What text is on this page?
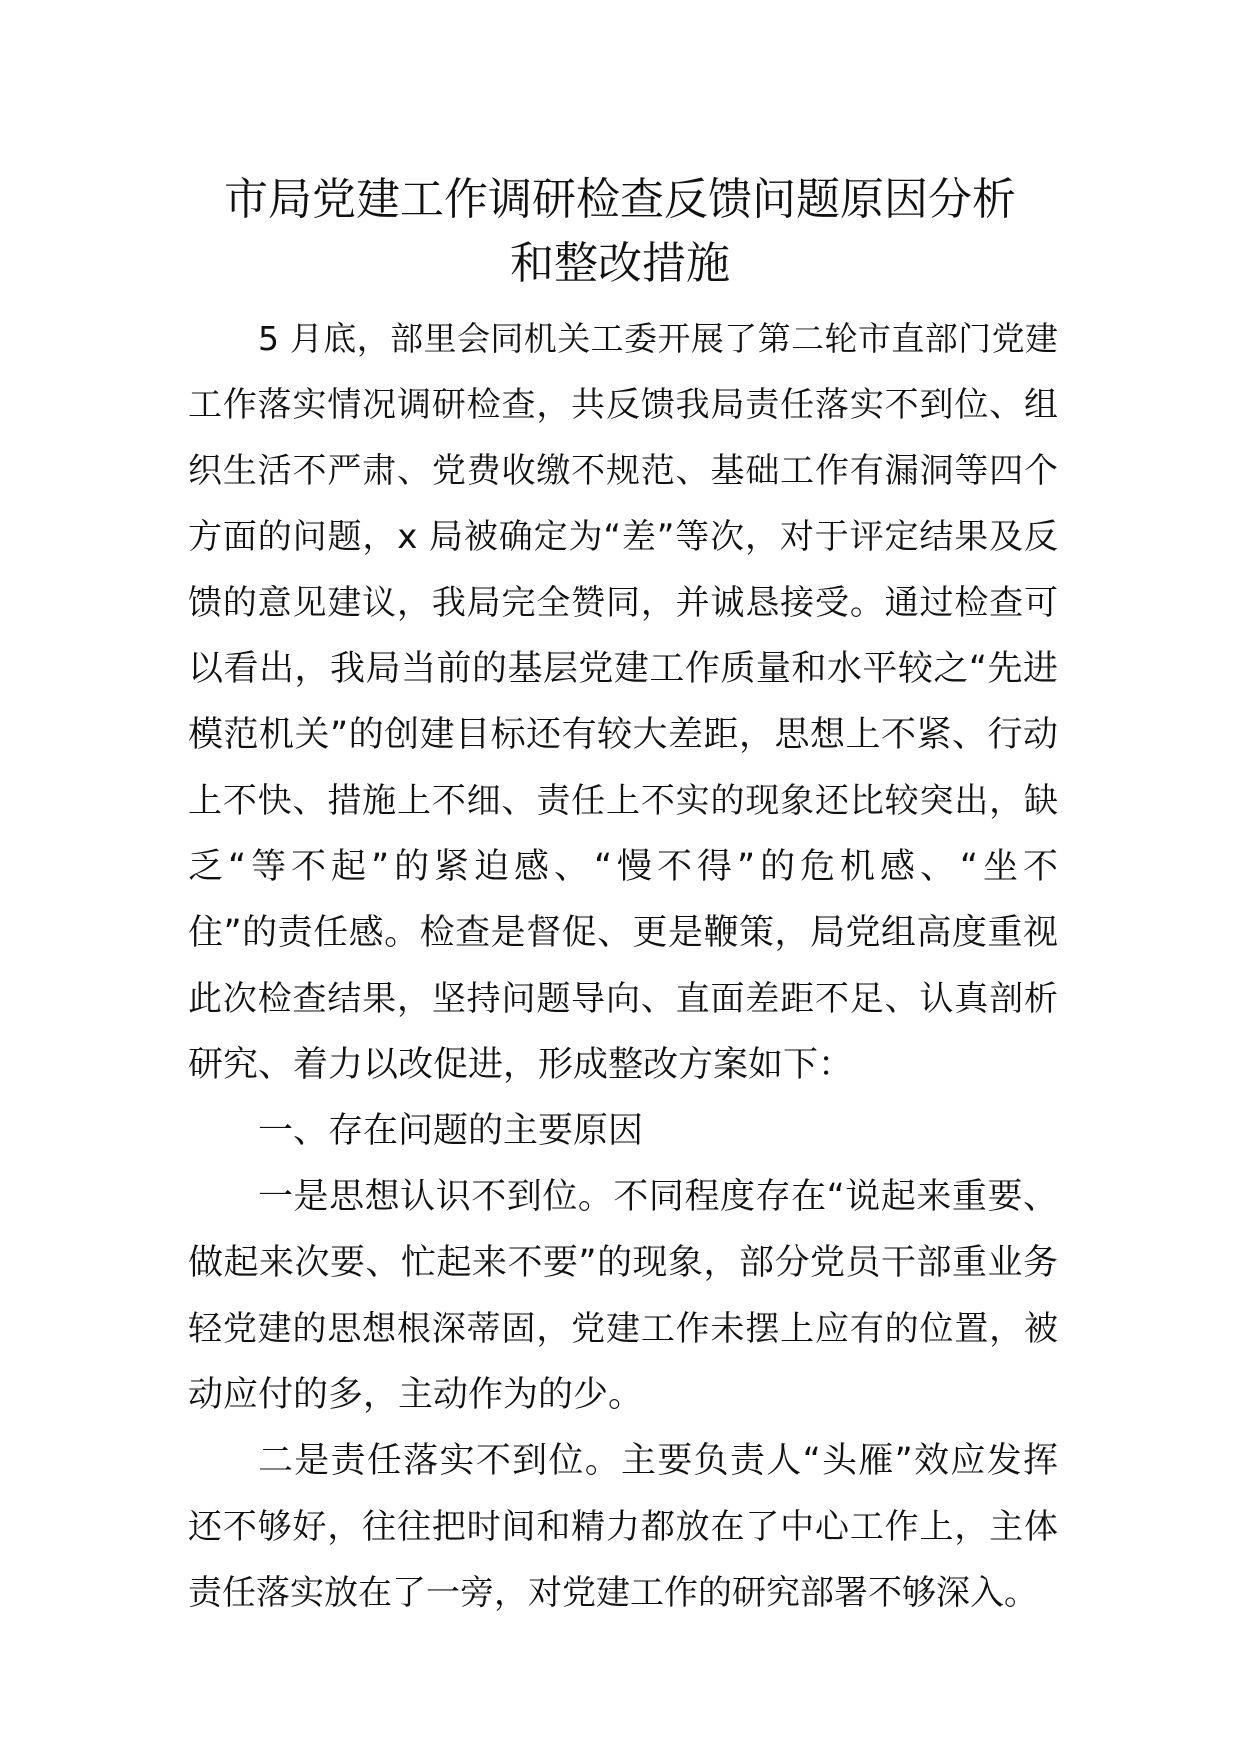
市局党建工作调研检查反馈问题原因分析
和整改措施
5 月底，部里会同机关工委开展了第二轮市直部门党建
工作落实情况调研检查，共反馈我局责任落实不到位、组
织生活不严肃、党费收缴不规范、基础工作有漏洞等四个
方面的问题，x 局被确定为“差”等次，对于评定结果及反
馈的意见建议，我局完全赞同，并诚恳接受。通过检查可
以看出，我局当前的基层党建工作质量和水平较之“先进
模范机关”的创建目标还有较大差距，思想上不紧、行动
上不快、措施上不细、责任上不实的现象还比较突出，缺
乏“等不起”的紧迫感、“慢不得”的危机感、“坐不
住”的责任感。检查是督促、更是鞭策，局党组高度重视
此次检查结果，坚持问题导向、直面差距不足、认真剖析
研究、着力以改促进，形成整改方案如下：
一、存在问题的主要原因
一是思想认识不到位。不同程度存在“说起来重要、
做起来次要、忙起来不要”的现象，部分党员干部重业务
轻党建的思想根深蒂固，党建工作未摆上应有的位置，被
动应付的多，主动作为的少。
二是责任落实不到位。主要负责人“头雁”效应发挥
还不够好，往往把时间和精力都放在了中心工作上，主体
责任落实放在了一旁，对党建工作的研究部署不够深入。
